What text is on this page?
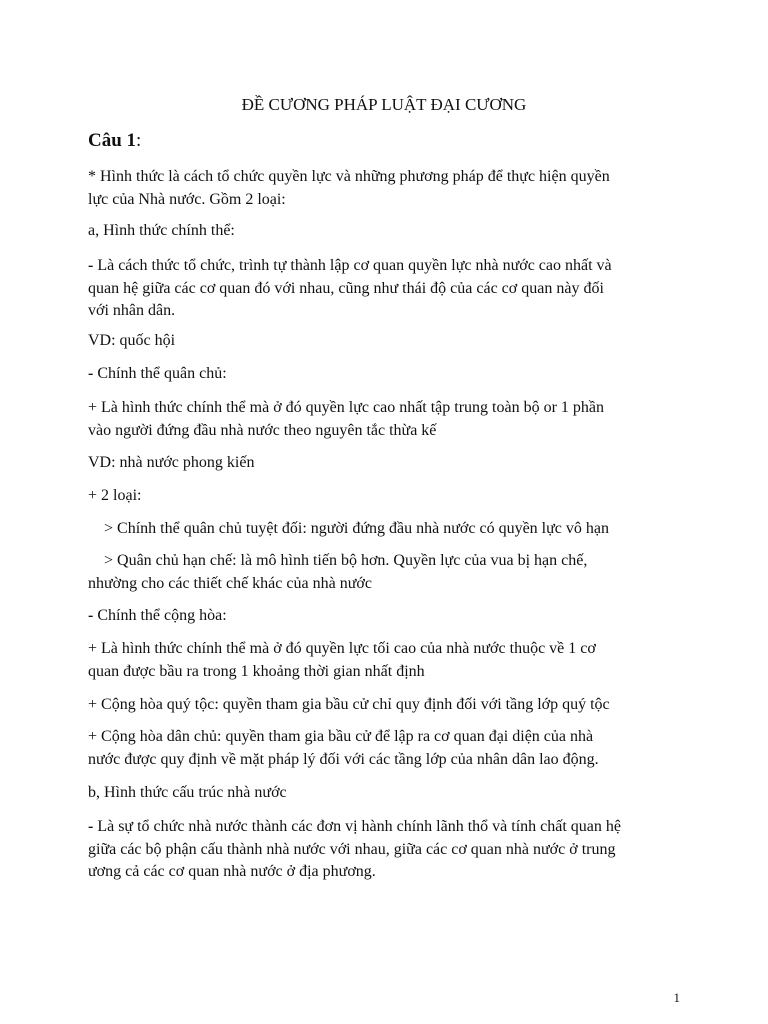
ĐỀ CƯƠNG PHÁP LUẬT ĐẠI CƯƠNG

Câu 1:

* Hình thức là cách tổ chức quyền lực và những phương pháp để thực hiện quyền
lực của Nhà nước. Gồm 2 loại:

a, Hình thức chính thể:

- Là cách thức tổ chức, trình tự thành lập cơ quan quyền lực nhà nước cao nhất và
quan hệ giữa các cơ quan đó với nhau, cũng như thái độ của các cơ quan này đối
với nhân dân.

VD: quốc hội

- Chính thể quân chủ:

+ Là hình thức chính thể mà ở đó quyền lực cao nhất tập trung toàn bộ or 1 phần
vào người đứng đầu nhà nước theo nguyên tắc thừa kế

VD: nhà nước phong kiến

+ 2 loại:

> Chính thể quân chủ tuyệt đối: người đứng đầu nhà nước có quyền lực vô hạn

> Quân chủ hạn chế: là mô hình tiến bộ hơn. Quyền lực của vua bị hạn chế,
nhường cho các thiết chế khác của nhà nước

- Chính thể cộng hòa:

+ Là hình thức chính thể mà ở đó quyền lực tối cao của nhà nước thuộc về 1 cơ
quan được bầu ra trong 1 khoảng thời gian nhất định

+ Cộng hòa quý tộc: quyền tham gia bầu cử chỉ quy định đối với tầng lớp quý tộc

+ Cộng hòa dân chủ: quyền tham gia bầu cử để lập ra cơ quan đại diện của nhà
nước được quy định về mặt pháp lý đối với các tầng lớp của nhân dân lao động.

b, Hình thức cấu trúc nhà nước

- Là sự tổ chức nhà nước thành các đơn vị hành chính lãnh thổ và tính chất quan hệ
giữa các bộ phận cấu thành nhà nước với nhau, giữa các cơ quan nhà nước ở trung
ương cả các cơ quan nhà nước ở địa phương.

1
